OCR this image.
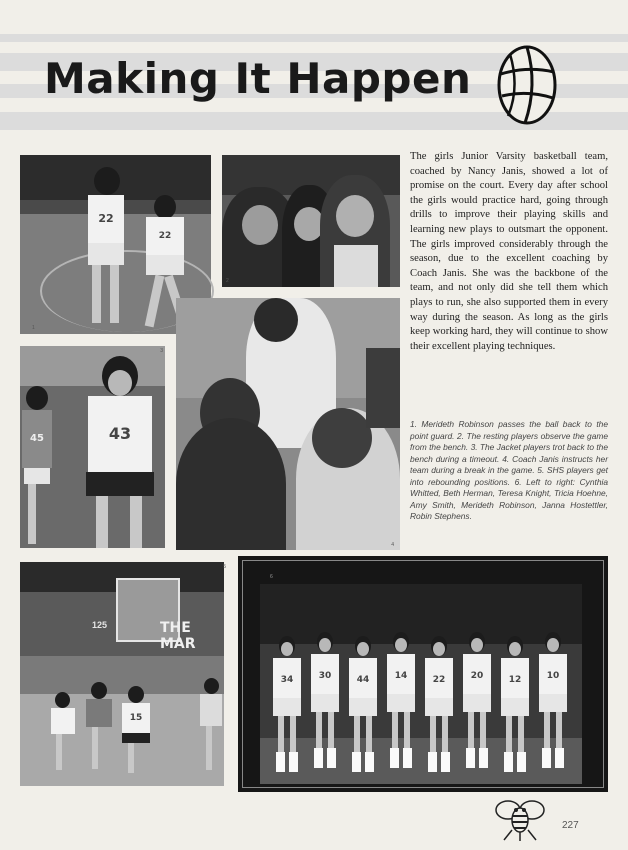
Making It Happen
22
22
1
2
45	43
3
4

The girls Junior Varsity basketball team, coached by Nancy Janis, showed a lot of promise on the court. Every day after school the girls would practice hard, going through drills to improve their playing skills and learning new plays to outsmart the opponent. The girls improved considerably through the season, due to the excellent coaching by Coach Janis. She was the backbone of the team, and not only did she tell them which plays to run, she also supported them in every way during the season. As long as the girls keep working hard, they will continue to show their excellent playing techniques.

1. Merideth Robinson passes the ball back to the point guard. 2. The resting players observe the game from the bench. 3. The Jacket players trot back to the bench during a timeout. 4. Coach Janis instructs her team during a break in the game. 5. SHS players get into rebounding positions. 6. Left to right: Cynthia Whitted, Beth Herman, Teresa Knight, Tricia Hoehne, Amy Smith, Merideth Robinson, Janna Hostettler, Robin Stephens.

125	THE MAR
15
5
34	30	44	14	22	20	12	10
6
227
